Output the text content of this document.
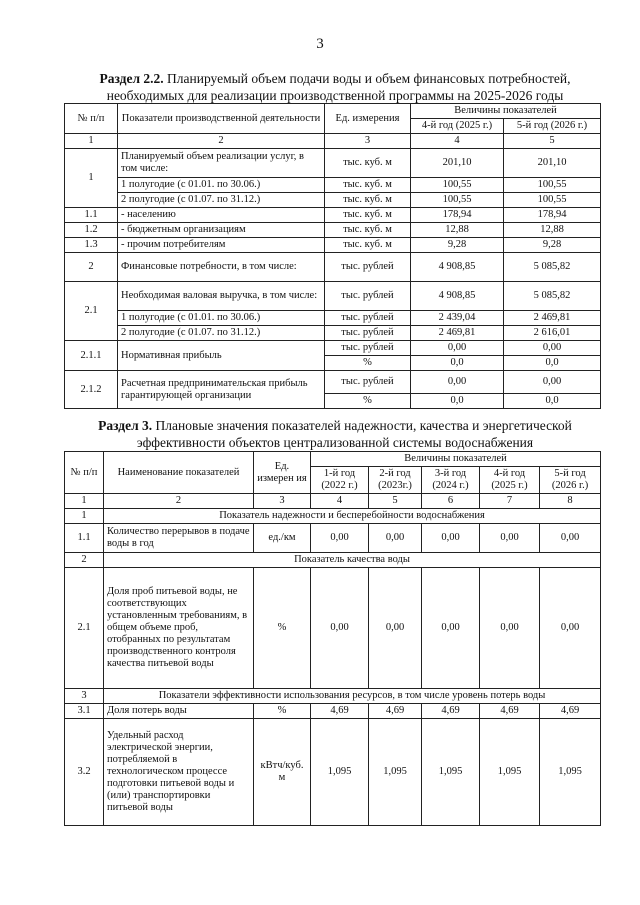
3
Раздел 2.2. Планируемый объем подачи воды и объем финансовых потребностей, необходимых для реализации производственной программы на 2025-2026 годы
№ п/п	Показатели производственной деятельности	Ед. измерения	Величины показателей	
			4-й год (2025 г.)	5-й год (2026 г.)
1	2	3	4	5
1	Планируемый объем реализации услуг, в том числе:	тыс. куб. м	201,10	201,10
	1 полугодие (с 01.01. по 30.06.)	тыс. куб. м	100,55	100,55
	2 полугодие (с 01.07. по 31.12.)	тыс. куб. м	100,55	100,55
1.1	- населению	тыс. куб. м	178,94	178,94
1.2	- бюджетным организациям	тыс. куб. м	12,88	12,88
1.3	- прочим потребителям	тыс. куб. м	9,28	9,28
2	Финансовые потребности, в том числе:	тыс. рублей	4 908,85	5 085,82
2.1	Необходимая валовая выручка, в том числе:	тыс. рублей	4 908,85	5 085,82
	1 полугодие (с 01.01. по 30.06.)	тыс. рублей	2 439,04	2 469,81
	2 полугодие (с 01.07. по 31.12.)	тыс. рублей	2 469,81	2 616,01
2.1.1	Нормативная прибыль	тыс. рублей	0,00	0,00
		%	0,0	0,0
2.1.2	Расчетная предпринимательская прибыль гарантирующей организации	тыс. рублей	0,00	0,00
		%	0,0	0,0
Раздел 3. Плановые значения показателей надежности, качества и энергетической эффективности объектов централизованной системы водоснабжения
№ п/п	Наименование показателей	Ед. измерен ия	Величины показателей				
			1-й год (2022 г.)	2-й год (2023г.)	3-й год (2024 г.)	4-й год (2025 г.)	5-й год (2026 г.)
1	2	3	4	5	6	7	8
1	Показатель надежности и бесперебойности водоснабжения						
1.1	Количество перерывов в подаче воды в год	ед./км	0,00	0,00	0,00	0,00	0,00
2	Показатель качества воды						
2.1	Доля проб питьевой воды, не соответствующих установленным требованиям, в общем объеме проб, отобранных по результатам производственного контроля качества питьевой воды	%	0,00	0,00	0,00	0,00	0,00
3	Показатели эффективности использования ресурсов, в том числе уровень потерь воды						
3.1	Доля потерь воды	%	4,69	4,69	4,69	4,69	4,69
3.2	Удельный расход электрической энергии, потребляемой в технологическом процессе подготовки питьевой воды и (или) транспортировки питьевой воды	кВтч/куб. м	1,095	1,095	1,095	1,095	1,095
